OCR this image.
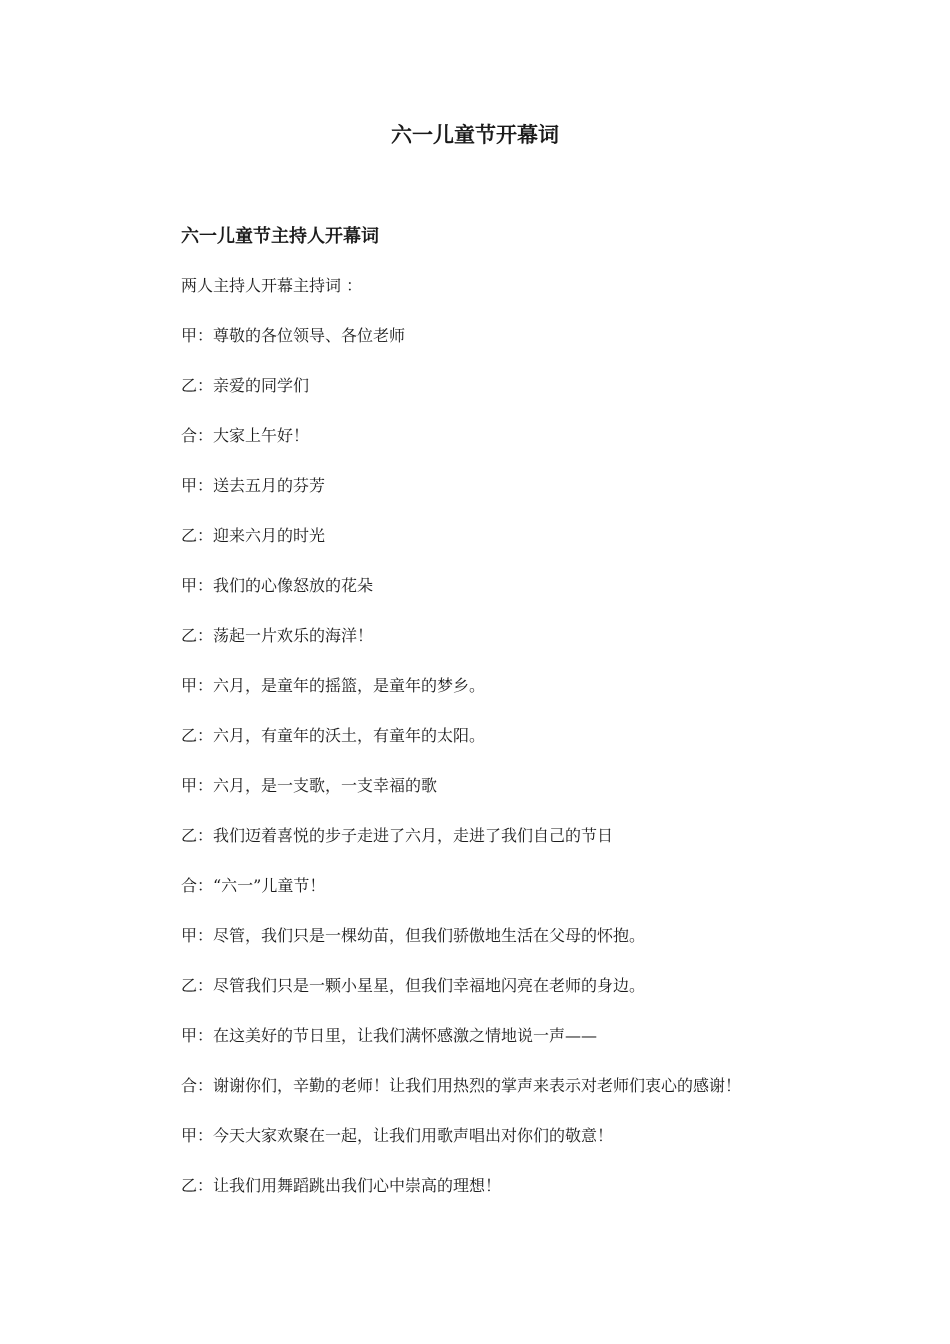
六一儿童节开幕词
六一儿童节主持人开幕词
两人主持人开幕主持词 ：
甲：尊敬的各位领导、各位老师
乙：亲爱的同学们
合：大家上午好！
甲：送去五月的芬芳
乙：迎来六月的时光
甲：我们的心像怒放的花朵
乙：荡起一片欢乐的海洋！
甲：六月，是童年的摇篮，是童年的梦乡。
乙：六月，有童年的沃土，有童年的太阳。
甲：六月，是一支歌，一支幸福的歌
乙：我们迈着喜悦的步子走进了六月，走进了我们自己的节日
合：“六一”儿童节！
甲：尽管，我们只是一棵幼苗，但我们骄傲地生活在父母的怀抱。
乙：尽管我们只是一颗小星星，但我们幸福地闪亮在老师的身边。
甲：在这美好的节日里，让我们满怀感激之情地说一声——
合：谢谢你们，辛勤的老师！让我们用热烈的掌声来表示对老师们衷心的感谢！
甲：今天大家欢聚在一起，让我们用歌声唱出对你们的敬意！
乙：让我们用舞蹈跳出我们心中崇高的理想！
